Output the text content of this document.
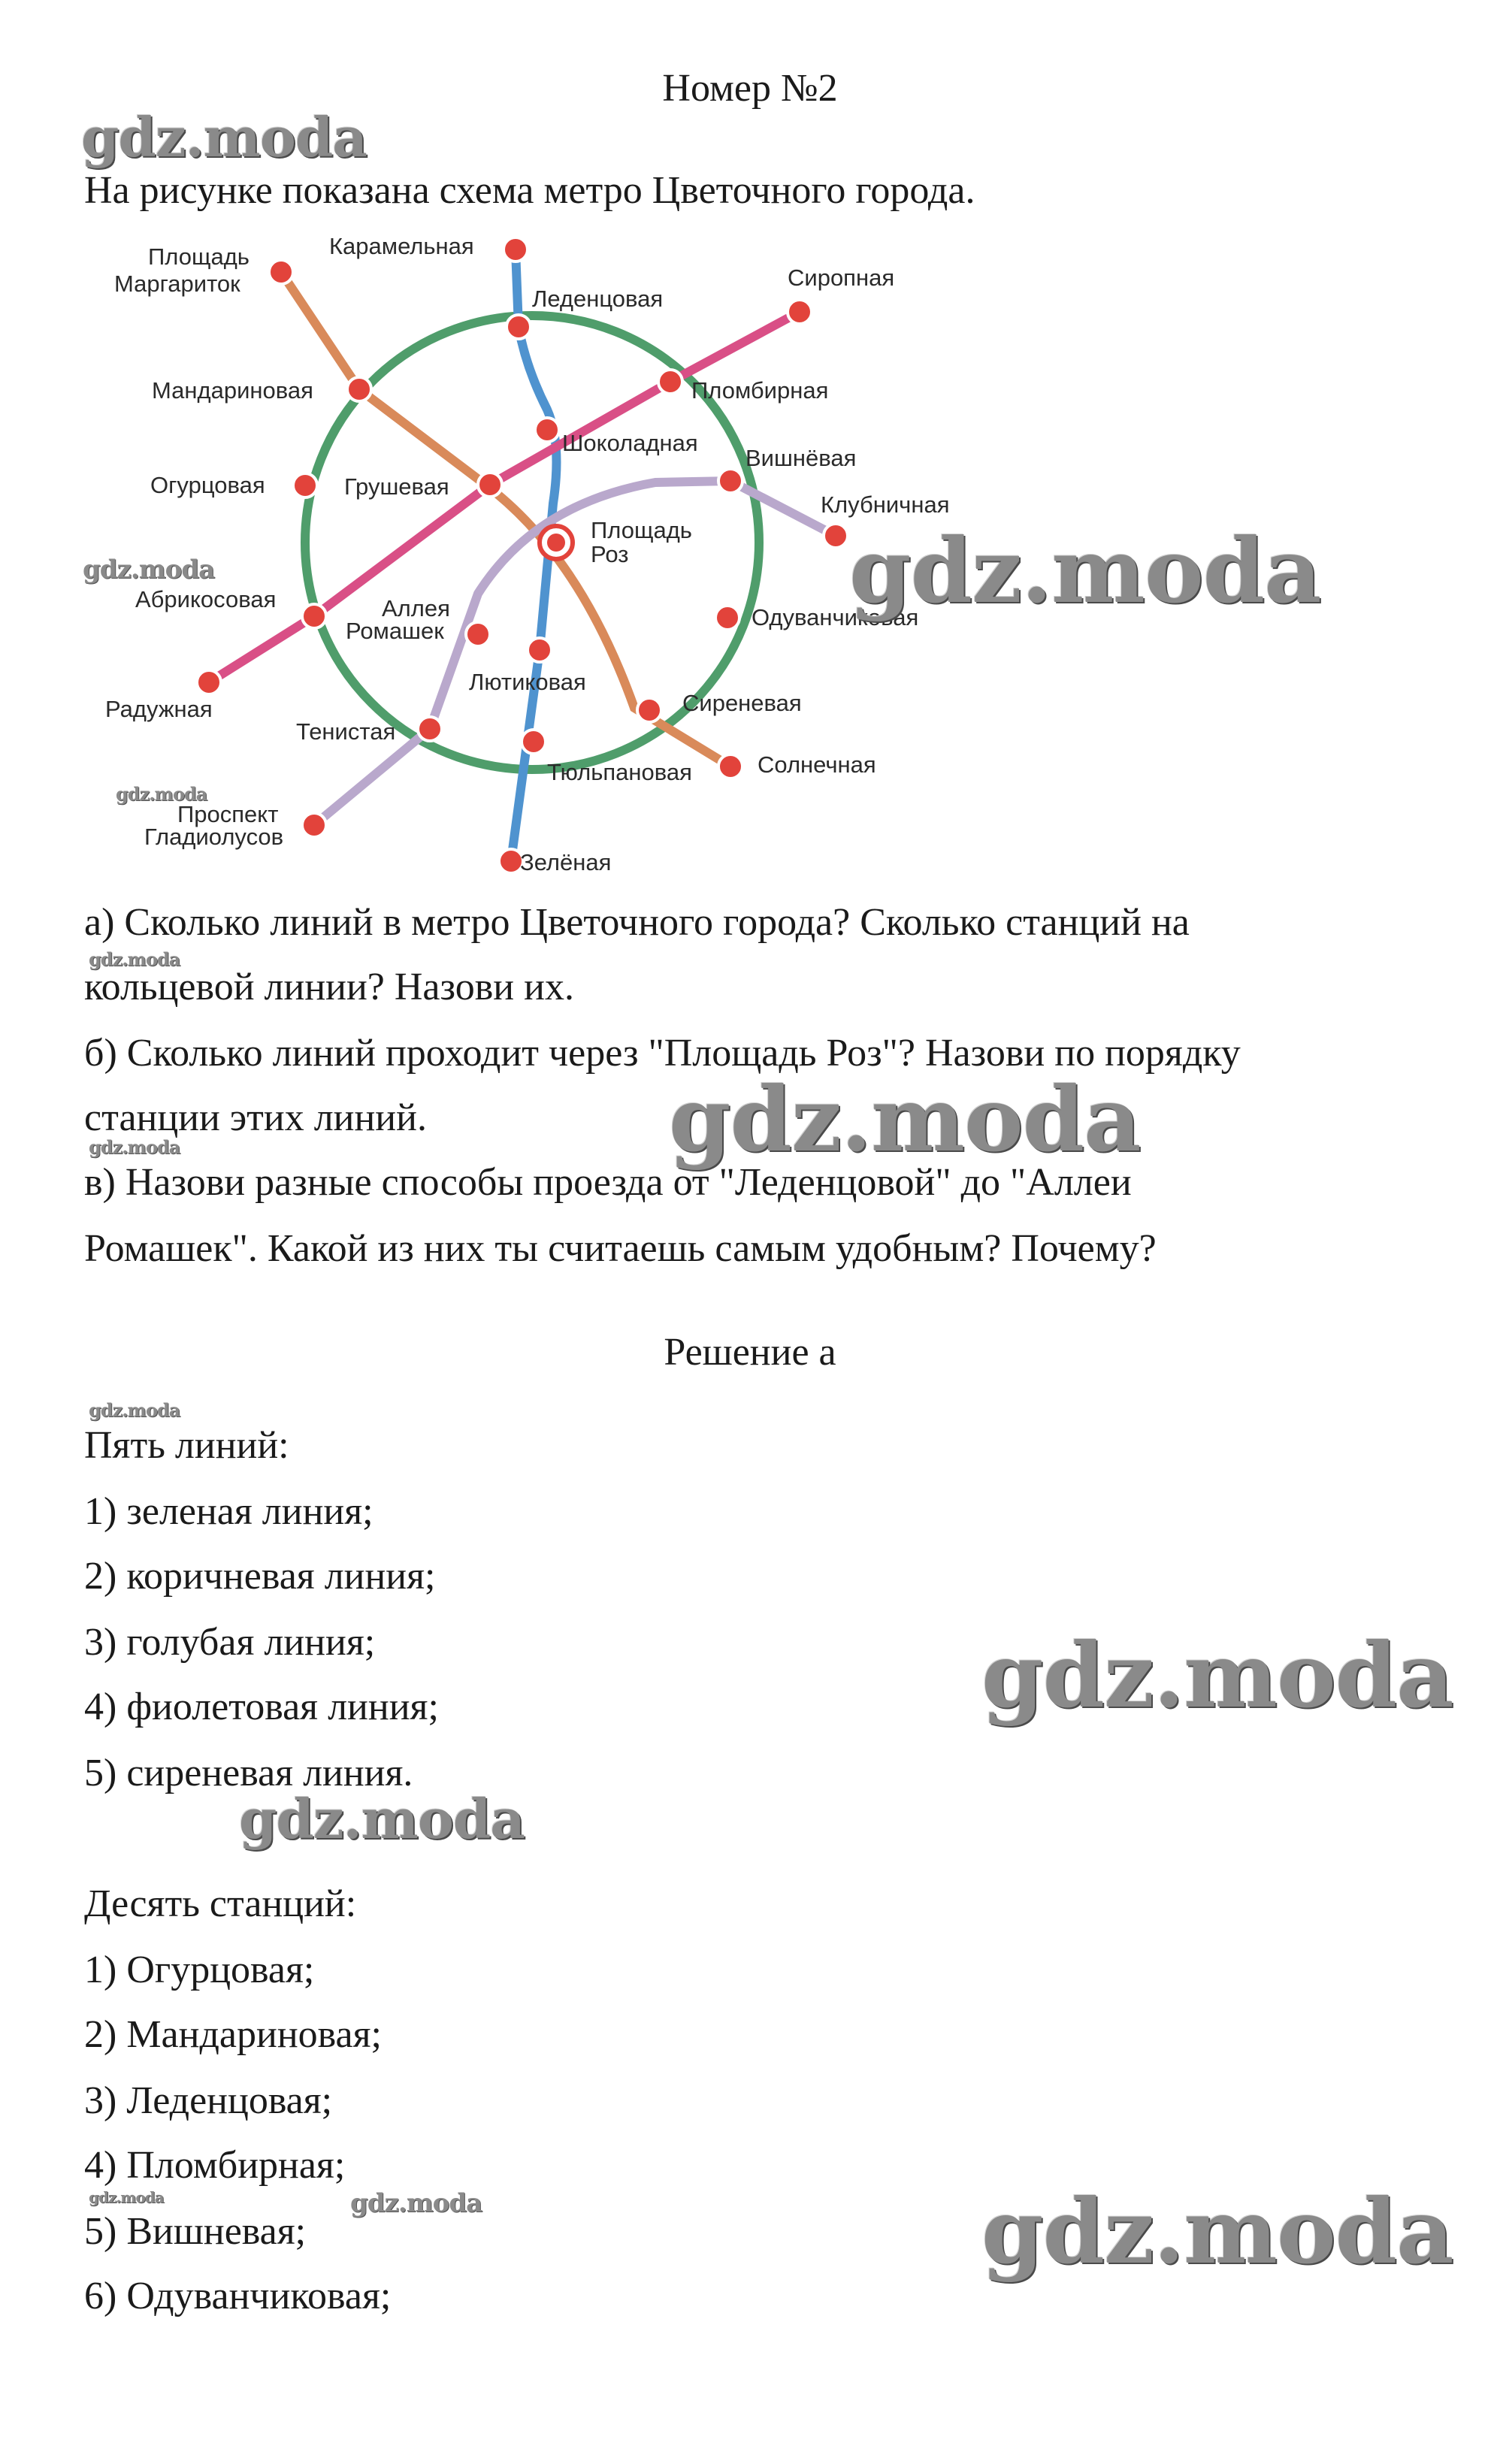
Номер №2
gdz.moda
На рисунке показана схема метро Цветочного города.
Карамельная
Леденцовая
Сиропная
Площадь
Маргариток
Мандариновая	Пломбирная
Шоколадная
Вишнёвая
Огурцовая	Грушевая
Клубничная
Площадь
Роз
Абрикосовая	Аллея
Ромашек
Одуванчиковая
Лютиковая
Радужная	Сиреневая
Тенистая
Солнечная
Тюльпановая
Проспект
Гладиолусов
Зелёная
gdz.moda	gdz.moda
gdz.moda
а) Сколько линий в метро Цветочного города? Сколько станций на
gdz.moda
кольцевой линии? Назови их.
б) Сколько линий проходит через "Площадь Роз"? Назови по порядку
станции этих линий.	gdz.moda
gdz.moda
в) Назови разные способы проезда от "Леденцовой" до "Аллеи
Ромашек". Какой из них ты считаешь самым удобным? Почему?
Решение а
gdz.moda
Пять линий:
1) зеленая линия;
2) коричневая линия;
3) голубая линия;
4) фиолетовая линия;
5) сиреневая линия.
gdz.moda
gdz.moda
Десять станций:
1) Огурцовая;
2) Мандариновая;
3) Леденцовая;
4) Пломбирная;
gdz.moda	gdz.moda
5) Вишневая;
6) Одуванчиковая;
gdz.moda
